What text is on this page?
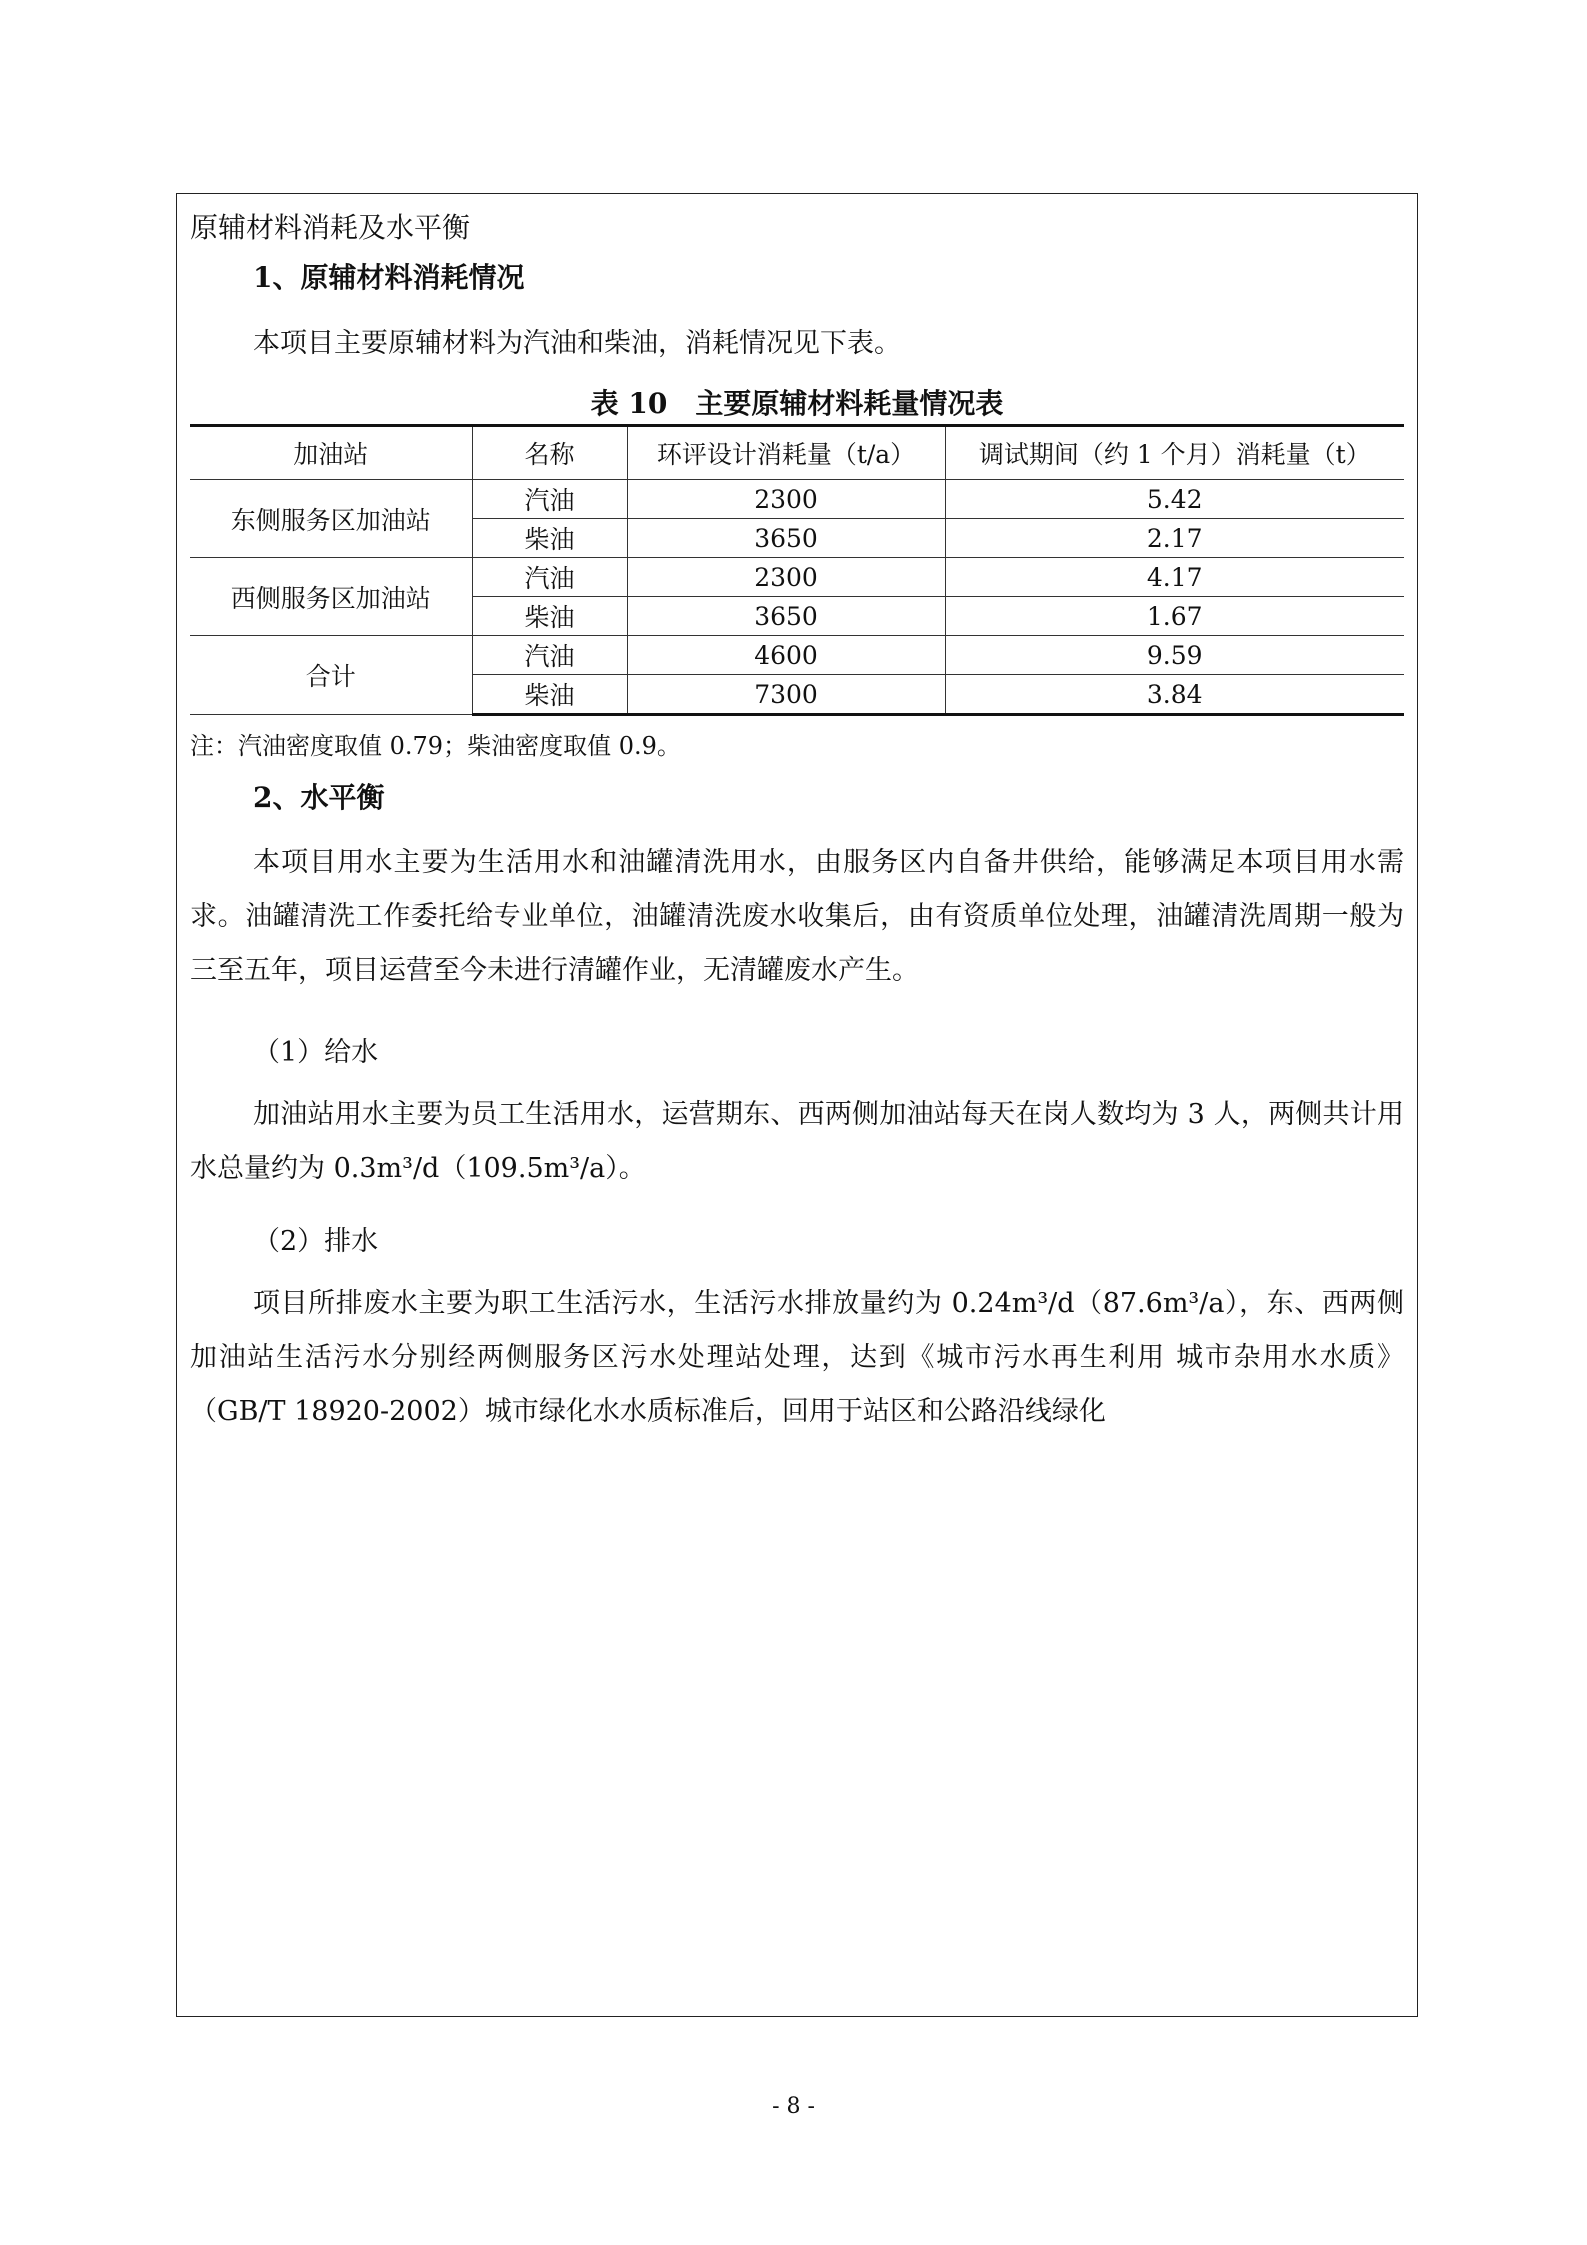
原辅材料消耗及水平衡
1、原辅材料消耗情况
本项目主要原辅材料为汽油和柴油，消耗情况见下表。
表 10　主要原辅材料耗量情况表
加油站	名称	环评设计消耗量（t/a）	调试期间（约 1 个月）消耗量（t）
东侧服务区加油站	汽油	2300	5.42
	柴油	3650	2.17
西侧服务区加油站	汽油	2300	4.17
	柴油	3650	1.67
合计	汽油	4600	9.59
	柴油	7300	3.84
注：汽油密度取值 0.79；柴油密度取值 0.9。
2、水平衡
本项目用水主要为生活用水和油罐清洗用水，由服务区内自备井供给，能够满足本项目用水需求。油罐清洗工作委托给专业单位，油罐清洗废水收集后，由有资质单位处理，油罐清洗周期一般为三至五年，项目运营至今未进行清罐作业，无清罐废水产生。
（1）给水
加油站用水主要为员工生活用水，运营期东、西两侧加油站每天在岗人数均为 3 人，两侧共计用水总量约为 0.3m³/d（109.5m³/a）。
（2）排水
项目所排废水主要为职工生活污水，生活污水排放量约为 0.24m³/d（87.6m³/a），东、西两侧加油站生活污水分别经两侧服务区污水处理站处理，达到《城市污水再生利用 城市杂用水水质》（GB/T 18920-2002）城市绿化水水质标准后，回用于站区和公路沿线绿化
- 8 -
